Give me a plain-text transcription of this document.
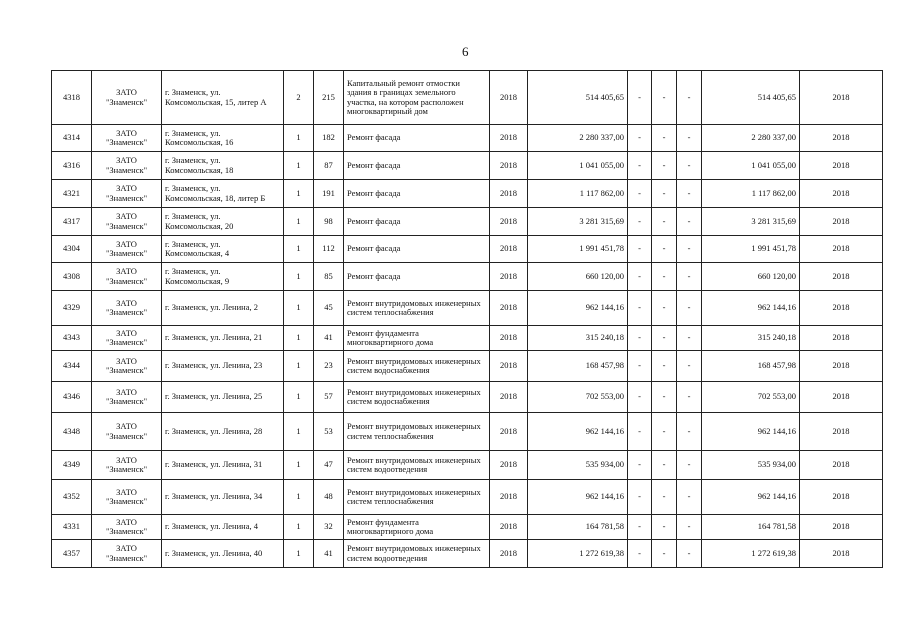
6
4318	ЗАТО "Знаменск"	г. Знаменск, ул. Комсомольская, 15, литер А	2	215	Капитальный ремонт отмостки здания в границах земельного участка, на котором расположен многоквартирный дом	2018	514 405,65	-	-	-	514 405,65	2018
4314	ЗАТО "Знаменск"	г. Знаменск, ул. Комсомольская, 16	1	182	Ремонт фасада	2018	2 280 337,00	-	-	-	2 280 337,00	2018
4316	ЗАТО "Знаменск"	г. Знаменск, ул. Комсомольская, 18	1	87	Ремонт фасада	2018	1 041 055,00	-	-	-	1 041 055,00	2018
4321	ЗАТО "Знаменск"	г. Знаменск, ул. Комсомольская, 18, литер Б	1	191	Ремонт фасада	2018	1 117 862,00	-	-	-	1 117 862,00	2018
4317	ЗАТО "Знаменск"	г. Знаменск, ул. Комсомольская, 20	1	98	Ремонт фасада	2018	3 281 315,69	-	-	-	3 281 315,69	2018
4304	ЗАТО "Знаменск"	г. Знаменск, ул. Комсомольская, 4	1	112	Ремонт фасада	2018	1 991 451,78	-	-	-	1 991 451,78	2018
4308	ЗАТО "Знаменск"	г. Знаменск, ул. Комсомольская, 9	1	85	Ремонт фасада	2018	660 120,00	-	-	-	660 120,00	2018
4329	ЗАТО "Знаменск"	г. Знаменск, ул. Ленина, 2	1	45	Ремонт внутридомовых инженерных систем теплоснабжения	2018	962 144,16	-	-	-	962 144,16	2018
4343	ЗАТО "Знаменск"	г. Знаменск, ул. Ленина, 21	1	41	Ремонт фундамента многоквартирного дома	2018	315 240,18	-	-	-	315 240,18	2018
4344	ЗАТО "Знаменск"	г. Знаменск, ул. Ленина, 23	1	23	Ремонт внутридомовых инженерных систем водоснабжения	2018	168 457,98	-	-	-	168 457,98	2018
4346	ЗАТО "Знаменск"	г. Знаменск, ул. Ленина, 25	1	57	Ремонт внутридомовых инженерных систем водоснабжения	2018	702 553,00	-	-	-	702 553,00	2018
4348	ЗАТО "Знаменск"	г. Знаменск, ул. Ленина, 28	1	53	Ремонт внутридомовых инженерных систем теплоснабжения	2018	962 144,16	-	-	-	962 144,16	2018
4349	ЗАТО "Знаменск"	г. Знаменск, ул. Ленина, 31	1	47	Ремонт внутридомовых инженерных систем водоотведения	2018	535 934,00	-	-	-	535 934,00	2018
4352	ЗАТО "Знаменск"	г. Знаменск, ул. Ленина, 34	1	48	Ремонт внутридомовых инженерных систем теплоснабжения	2018	962 144,16	-	-	-	962 144,16	2018
4331	ЗАТО "Знаменск"	г. Знаменск, ул. Ленина, 4	1	32	Ремонт фундамента многоквартирного дома	2018	164 781,58	-	-	-	164 781,58	2018
4357	ЗАТО "Знаменск"	г. Знаменск, ул. Ленина, 40	1	41	Ремонт внутридомовых инженерных систем водоотведения	2018	1 272 619,38	-	-	-	1 272 619,38	2018
